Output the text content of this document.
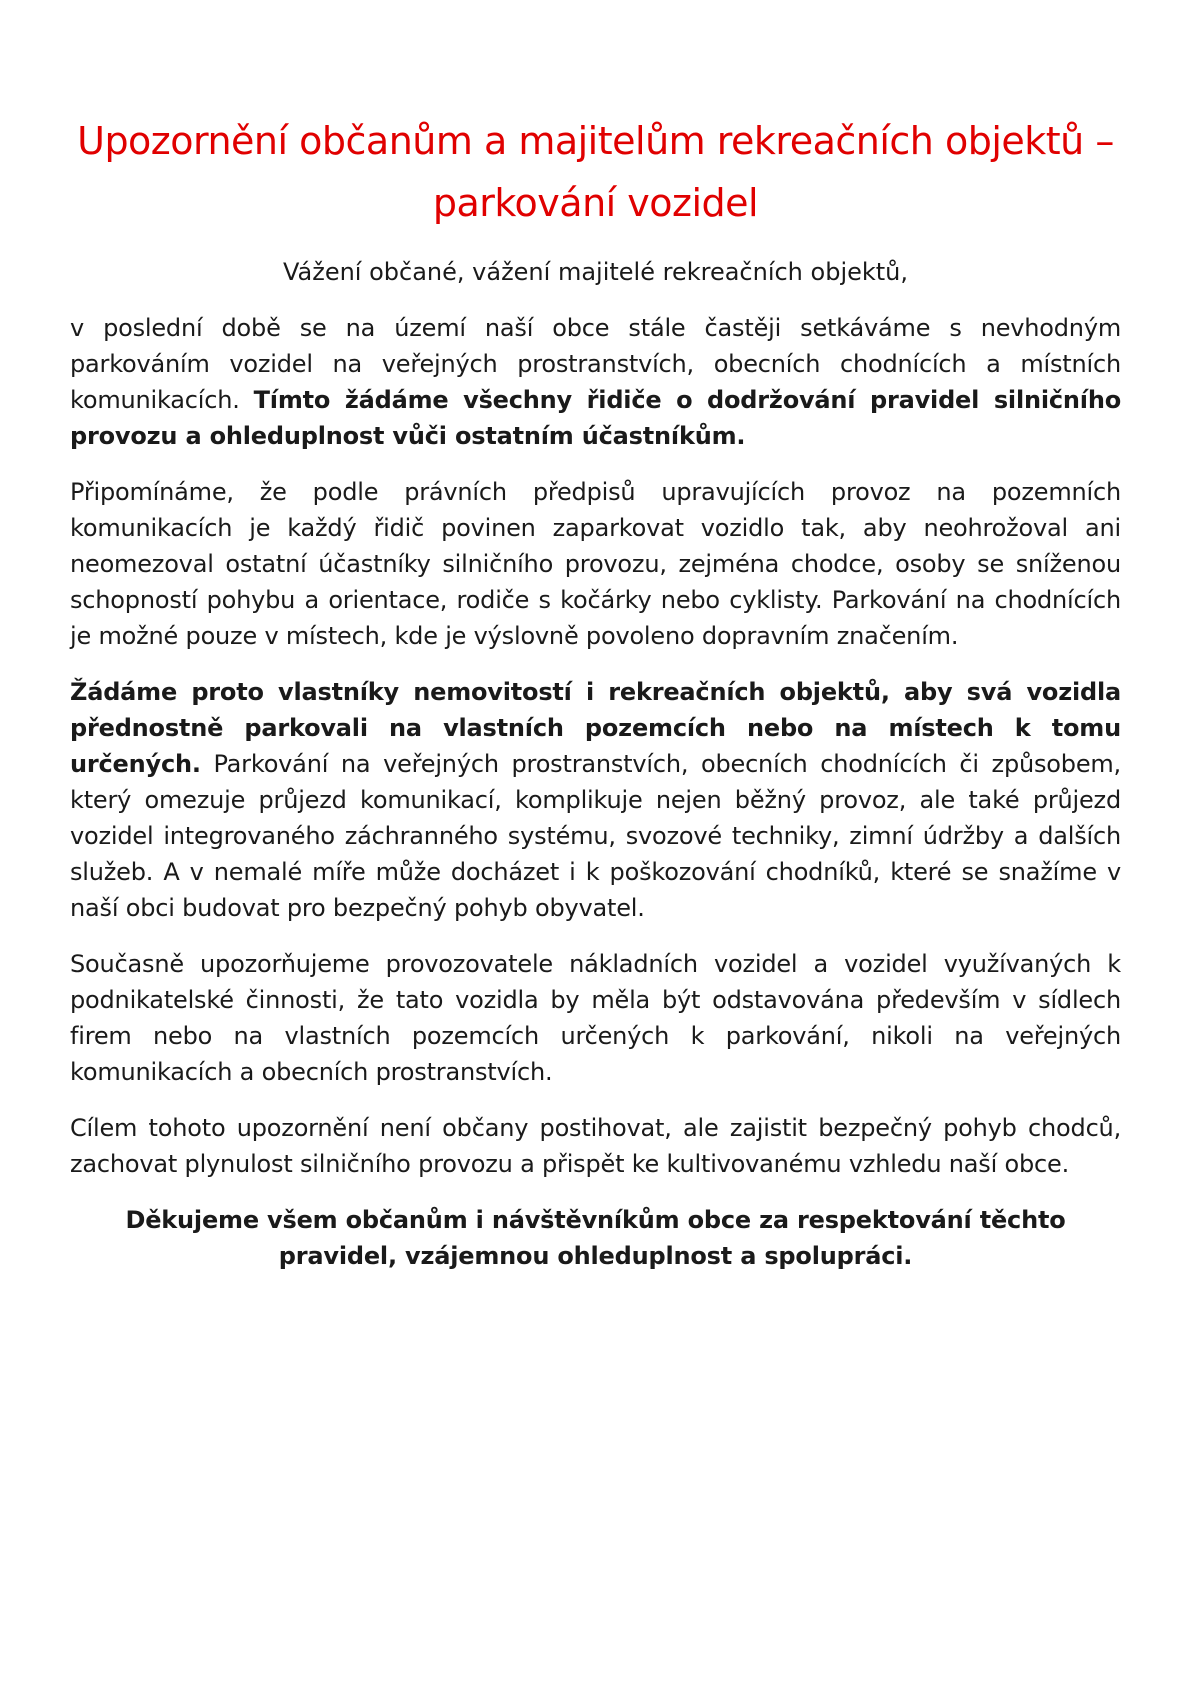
Upozornění občanům a majitelům rekreačních objektů – parkování vozidel

Vážení občané, vážení majitelé rekreačních objektů,

v poslední době se na území naší obce stále častěji setkáváme s nevhodným parkováním vozidel na veřejných prostranstvích, obecních chodnících a místních komunikacích. Tímto žádáme všechny řidiče o dodržování pravidel silničního provozu a ohleduplnost vůči ostatním účastníkům.

Připomínáme, že podle právních předpisů upravujících provoz na pozemních komunikacích je každý řidič povinen zaparkovat vozidlo tak, aby neohrožoval ani neomezoval ostatní účastníky silničního provozu, zejména chodce, osoby se sníženou schopností pohybu a orientace, rodiče s kočárky nebo cyklisty. Parkování na chodnících je možné pouze v místech, kde je výslovně povoleno dopravním značením.

Žádáme proto vlastníky nemovitostí i rekreačních objektů, aby svá vozidla přednostně parkovali na vlastních pozemcích nebo na místech k tomu určených. Parkování na veřejných prostranstvích, obecních chodnících či způsobem, který omezuje průjezd komunikací, komplikuje nejen běžný provoz, ale také průjezd vozidel integrovaného záchranného systému, svozové techniky, zimní údržby a dalších služeb. A v nemalé míře může docházet i k poškozování chodníků, které se snažíme v naší obci budovat pro bezpečný pohyb obyvatel.

Současně upozorňujeme provozovatele nákladních vozidel a vozidel využívaných k podnikatelské činnosti, že tato vozidla by měla být odstavována především v sídlech firem nebo na vlastních pozemcích určených k parkování, nikoli na veřejných komunikacích a obecních prostranstvích.

Cílem tohoto upozornění není občany postihovat, ale zajistit bezpečný pohyb chodců, zachovat plynulost silničního provozu a přispět ke kultivovanému vzhledu naší obce.

Děkujeme všem občanům i návštěvníkům obce za respektování těchto pravidel, vzájemnou ohleduplnost a spolupráci.
